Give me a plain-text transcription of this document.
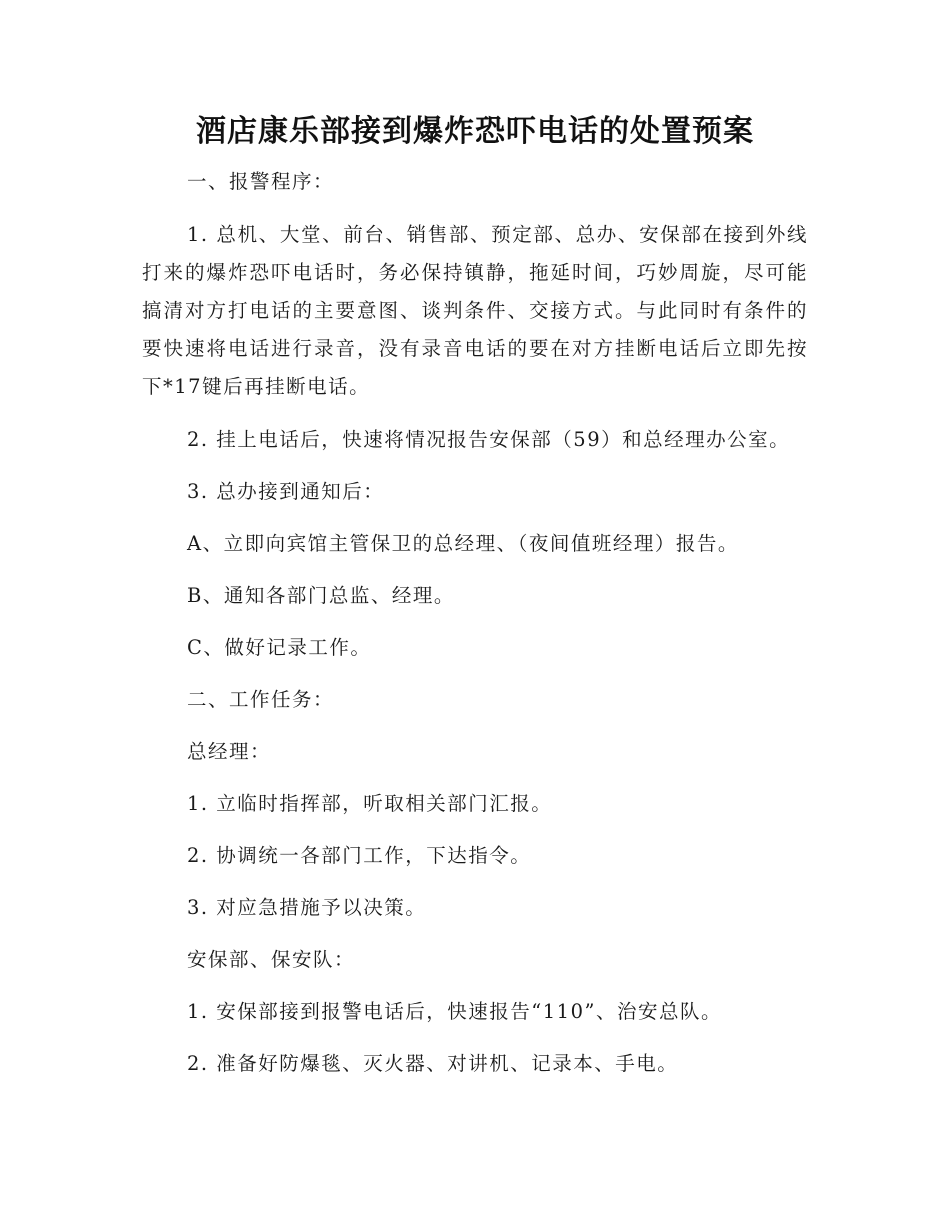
酒店康乐部接到爆炸恐吓电话的处置预案

一、报警程序：

1. 总机、大堂、前台、销售部、预定部、总办、安保部在接到外线打来的爆炸恐吓电话时，务必保持镇静，拖延时间，巧妙周旋，尽可能搞清对方打电话的主要意图、谈判条件、交接方式。与此同时有条件的要快速将电话进行录音，没有录音电话的要在对方挂断电话后立即先按下*17键后再挂断电话。

2. 挂上电话后，快速将情况报告安保部（59）和总经理办公室。

3. 总办接到通知后：

A、立即向宾馆主管保卫的总经理、（夜间值班经理）报告。

B、通知各部门总监、经理。

C、做好记录工作。

二、工作任务：

总经理：

1. 立临时指挥部，听取相关部门汇报。

2. 协调统一各部门工作，下达指令。

3. 对应急措施予以决策。

安保部、保安队：

1. 安保部接到报警电话后，快速报告“110”、治安总队。

2. 准备好防爆毯、灭火器、对讲机、记录本、手电。
